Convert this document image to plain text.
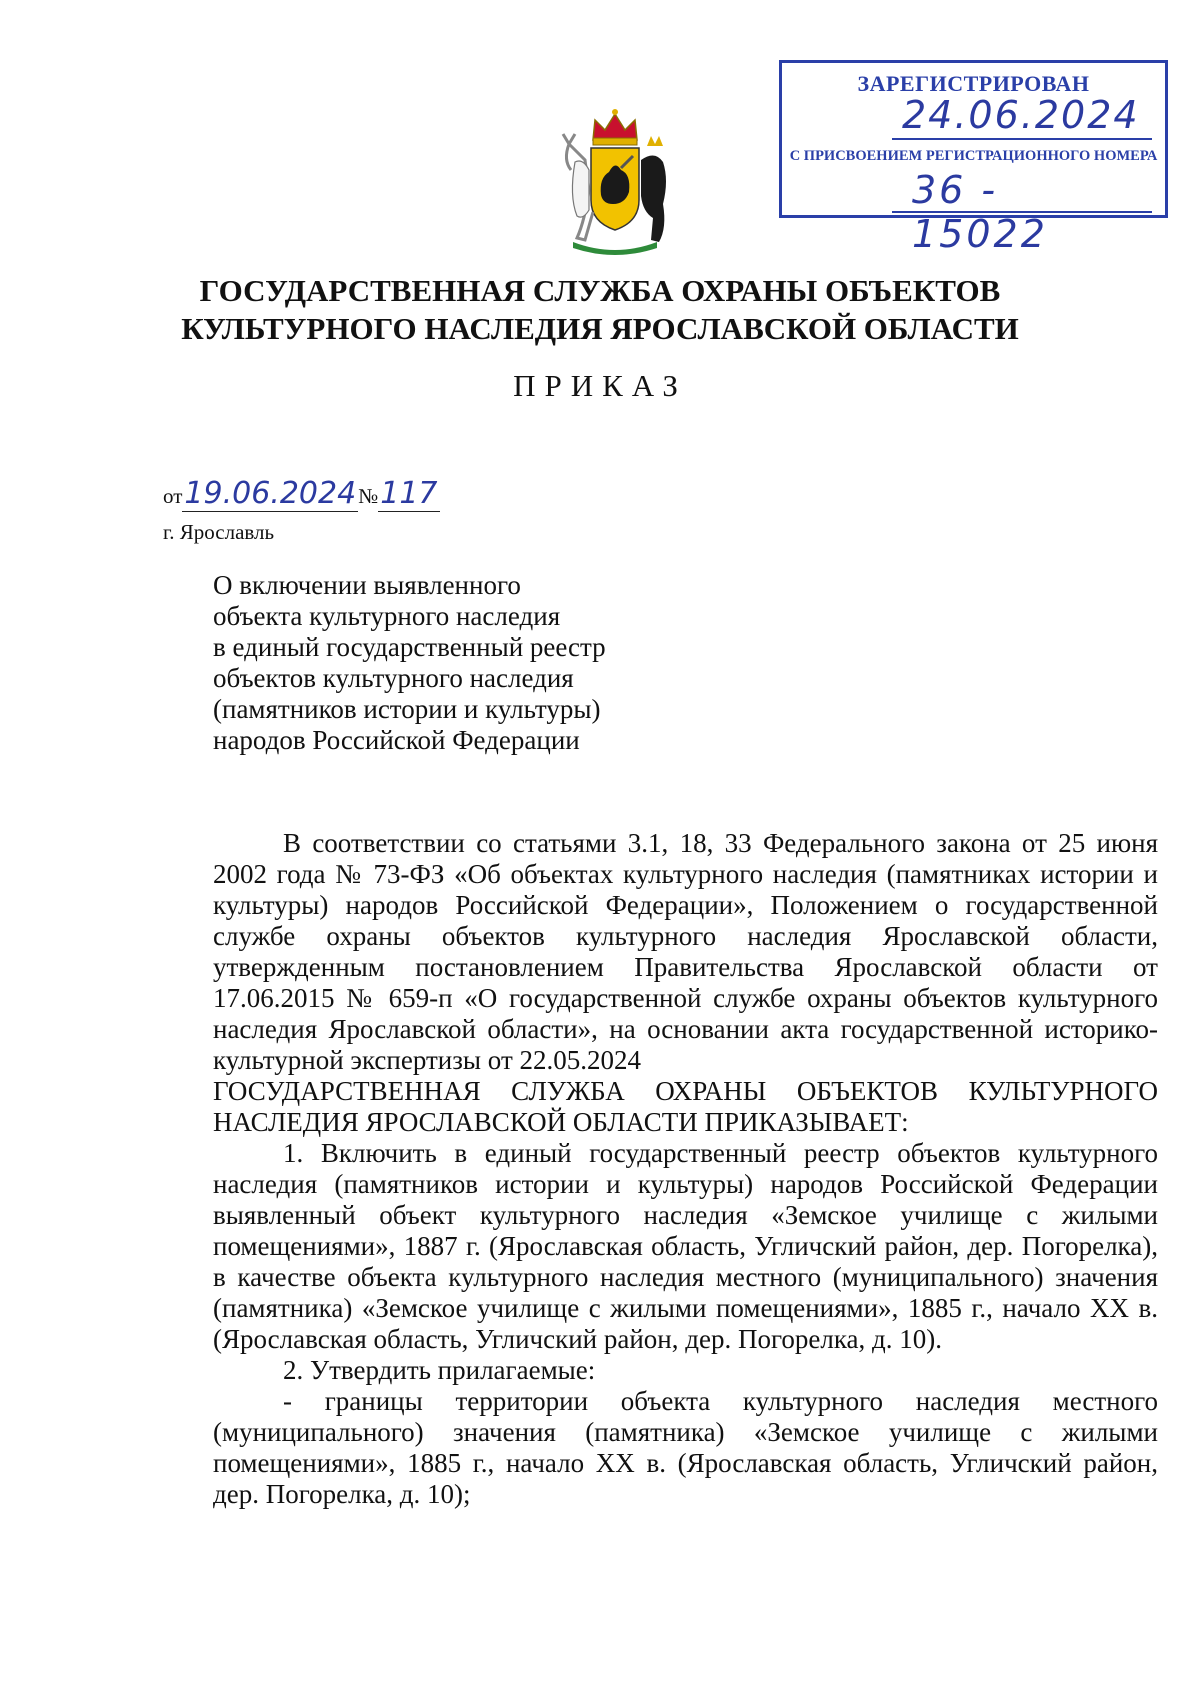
ЗАРЕГИСТРИРОВАН
24.06.2024
С ПРИСВОЕНИЕМ РЕГИСТРАЦИОННОГО НОМЕРА
36 - 15022
ГОСУДАРСТВЕННАЯ СЛУЖБА ОХРАНЫ ОБЪЕКТОВ
КУЛЬТУРНОГО НАСЛЕДИЯ ЯРОСЛАВСКОЙ ОБЛАСТИ
ПРИКАЗ
от19.06.2024№117
г. Ярославль
О включении выявленного
объекта культурного наследия
в единый государственный реестр
объектов культурного наследия
(памятников истории и культуры)
народов Российской Федерации

В соответствии со статьями 3.1, 18, 33 Федерального закона от 25 июня 2002 года № 73-ФЗ «Об объектах культурного наследия (памятниках истории и культуры) народов Российской Федерации», Положением о государственной службе охраны объектов культурного наследия Ярославской области, утвержденным постановлением Правительства Ярославской области от 17.06.2015 № 659-п «О государственной службе охраны объектов культурного наследия Ярославской области», на основании акта государственной историко-культурной экспертизы от 22.05.2024

ГОСУДАРСТВЕННАЯ СЛУЖБА ОХРАНЫ ОБЪЕКТОВ КУЛЬТУРНОГО НАСЛЕДИЯ ЯРОСЛАВСКОЙ ОБЛАСТИ ПРИКАЗЫВАЕТ:

1. Включить в единый государственный реестр объектов культурного наследия (памятников истории и культуры) народов Российской Федерации выявленный объект культурного наследия «Земское училище с жилыми помещениями», 1887 г. (Ярославская область, Угличский район, дер. Погорелка), в качестве объекта культурного наследия местного (муниципального) значения (памятника) «Земское училище с жилыми помещениями», 1885 г., начало XX в. (Ярославская область, Угличский район, дер. Погорелка, д. 10).

2. Утвердить прилагаемые:

- границы территории объекта культурного наследия местного (муниципального) значения (памятника) «Земское училище с жилыми помещениями», 1885 г., начало XX в. (Ярославская область, Угличский район, дер. Погорелка, д. 10);
